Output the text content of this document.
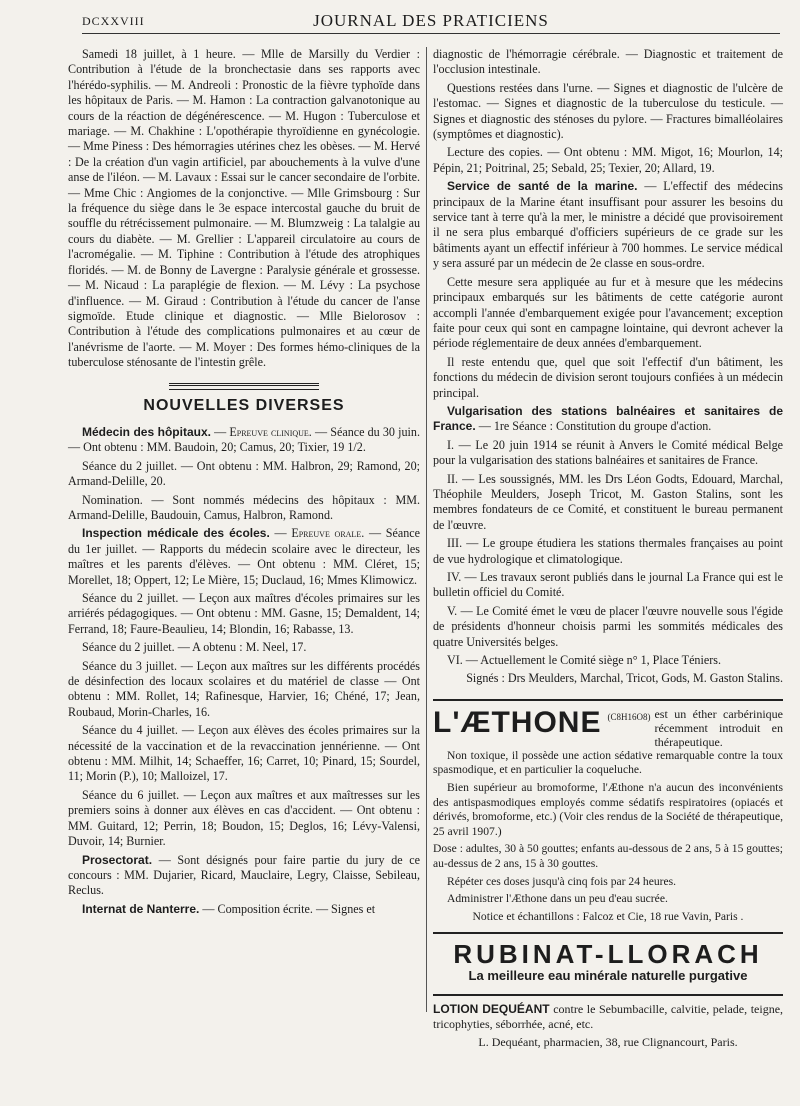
DCXXVIII	JOURNAL DES PRATICIENS

Samedi 18 juillet, à 1 heure. — Mlle de Marsilly du Verdier : Contribution à l'étude de la bronchectasie dans ses rapports avec l'hérédo-syphilis. — M. Andreoli : Pronostic de la fièvre typhoïde dans les hôpitaux de Paris. — M. Hamon : La contraction galvanotonique au cours de la réaction de dégénérescence. — M. Hugon : Tuberculose et mariage. — M. Chakhine : L'opothérapie thyroïdienne en gynécologie. — Mme Piness : Des hémorragies utérines chez les obèses. — M. Hervé : De la création d'un vagin artificiel, par abouchements à la vulve d'une anse de l'iléon. — M. Lavaux : Essai sur le cancer secondaire de l'orbite. — Mme Chic : Angiomes de la conjonctive. — Mlle Grimsbourg : Sur la fréquence du siège dans le 3e espace intercostal gauche du bruit de souffle du rétrécissement pulmonaire. — M. Blumzweig : La talalgie au cours du diabète. — M. Grellier : L'appareil circulatoire au cours de l'acromégalie. — M. Tiphine : Contribution à l'étude des atrophiques floridés. — M. de Bonny de Lavergne : Paralysie générale et grossesse. — M. Nicaud : La paraplégie de flexion. — M. Lévy : La psychose d'influence. — M. Giraud : Contribution à l'étude du cancer de l'anse sigmoïde. Etude clinique et diagnostic. — Mlle Bielorosov : Contribution à l'étude des complications pulmonaires et au cœur de l'anévrisme de l'aorte. — M. Moyer : Des formes hémo-cliniques de la tuberculose sténosante de l'intestin grêle.

NOUVELLES DIVERSES

Médecin des hôpitaux. — Epreuve clinique. — Séance du 30 juin. — Ont obtenu : MM. Baudoin, 20; Camus, 20; Tixier, 19 1/2.

Séance du 2 juillet. — Ont obtenu : MM. Halbron, 29; Ramond, 20; Armand-Delille, 20.

Nomination. — Sont nommés médecins des hôpitaux : MM. Armand-Delille, Baudouin, Camus, Halbron, Ramond.

Inspection médicale des écoles. — Epreuve orale. — Séance du 1er juillet. — Rapports du médecin scolaire avec le directeur, les maîtres et les parents d'élèves. — Ont obtenu : MM. Cléret, 15; Morellet, 18; Oppert, 12; Le Mière, 15; Duclaud, 16; Mmes Klimowicz.

Séance du 2 juillet. — Leçon aux maîtres d'écoles primaires sur les arriérés pédagogiques. — Ont obtenu : MM. Gasne, 15; Demaldent, 14; Ferrand, 18; Faure-Beaulieu, 14; Blondin, 16; Rabasse, 13.

Séance du 2 juillet. — A obtenu : M. Neel, 17.

Séance du 3 juillet. — Leçon aux maîtres sur les différents procédés de désinfection des locaux scolaires et du matériel de classe — Ont obtenu : MM. Rollet, 14; Rafinesque, Harvier, 16; Chéné, 17; Jean, Roubaud, Morin-Charles, 16.

Séance du 4 juillet. — Leçon aux élèves des écoles primaires sur la nécessité de la vaccination et de la revaccination jennérienne. — Ont obtenu : MM. Milhit, 14; Schaeffer, 16; Carret, 10; Pinard, 15; Sourdel, 11; Morin (P.), 10; Malloizel, 17.

Séance du 6 juillet. — Leçon aux maîtres et aux maîtresses sur les premiers soins à donner aux élèves en cas d'accident. — Ont obtenu : MM. Guitard, 12; Perrin, 18; Boudon, 15; Deglos, 16; Lévy-Valensi, Duvoir, 14; Burnier.

Prosectorat. — Sont désignés pour faire partie du jury de ce concours : MM. Dujarier, Ricard, Mauclaire, Legry, Claisse, Sebileau, Reclus.

Internat de Nanterre. — Composition écrite. — Signes et

diagnostic de l'hémorragie cérébrale. — Diagnostic et traitement de l'occlusion intestinale.

Questions restées dans l'urne. — Signes et diagnostic de l'ulcère de l'estomac. — Signes et diagnostic de la tuberculose du testicule. — Signes et diagnostic des sténoses du pylore. — Fractures bimalléolaires (symptômes et diagnostic).

Lecture des copies. — Ont obtenu : MM. Migot, 16; Mourlon, 14; Pépin, 21; Poitrinal, 25; Sebald, 25; Texier, 20; Allard, 19.

Service de santé de la marine. — L'effectif des médecins principaux de la Marine étant insuffisant pour assurer les besoins du service tant à terre qu'à la mer, le ministre a décidé que provisoirement il ne sera plus embarqué d'officiers supérieurs de ce grade sur les bâtiments ayant un effectif inférieur à 700 hommes. Le service médical y sera assuré par un médecin de 2e classe en sous-ordre.

Cette mesure sera appliquée au fur et à mesure que les médecins principaux embarqués sur les bâtiments de cette catégorie auront accompli l'année d'embarquement exigée pour l'avancement; exception faite pour ceux qui sont en campagne lointaine, qui devront achever la période réglementaire de deux années d'embarquement.

Il reste entendu que, quel que soit l'effectif d'un bâtiment, les fonctions du médecin de division seront toujours confiées à un médecin principal.

Vulgarisation des stations balnéaires et sanitaires de France. — 1re Séance : Constitution du groupe d'action.

I. — Le 20 juin 1914 se réunit à Anvers le Comité médical Belge pour la vulgarisation des stations balnéaires et sanitaires de France.

II. — Les soussignés, MM. les Drs Léon Godts, Edouard, Marchal, Théophile Meulders, Joseph Tricot, M. Gaston Stalins, sont les membres fondateurs de ce Comité, et constituent le bureau permanent de l'œuvre.

III. — Le groupe étudiera les stations thermales françaises au point de vue hydrologique et climatologique.

IV. — Les travaux seront publiés dans le journal La France qui est le bulletin officiel du Comité.

V. — Le Comité émet le vœu de placer l'œuvre nouvelle sous l'égide de présidents d'honneur choisis parmi les sommités médicales des quatre Universités belges.

VI. — Actuellement le Comité siège n° 1, Place Téniers.

Signés : Drs Meulders, Marchal, Tricot, Gods, M. Gaston Stalins.

L'ÆTHONE (C8H16O8) est un éther carbérinique récemment introduit en thérapeutique.

Non toxique, il possède une action sédative remarquable contre la toux spasmodique, et en particulier la coqueluche.

Bien supérieur au bromoforme, l'Æthone n'a aucun des inconvénients des antispasmodiques employés comme sédatifs respiratoires (opiacés et dérivés, bromoforme, etc.) (Voir cles rendus de la Société de thérapeutique, 25 avril 1907.)

Dose : adultes, 30 à 50 gouttes; enfants au-dessous de 2 ans, 5 à 15 gouttes; au-dessus de 2 ans, 15 à 30 gouttes.

Répéter ces doses jusqu'à cinq fois par 24 heures.

Administrer l'Æthone dans un peu d'eau sucrée.

Notice et échantillons : Falcoz et Cie, 18 rue Vavin, Paris .

RUBINAT-LLORACH
La meilleure eau minérale naturelle purgative

LOTION DEQUÉANT contre le Sebumbacille, calvitie, pelade, teigne, tricophyties, séborrhée, acné, etc.

L. Dequéant, pharmacien, 38, rue Clignancourt, Paris.
